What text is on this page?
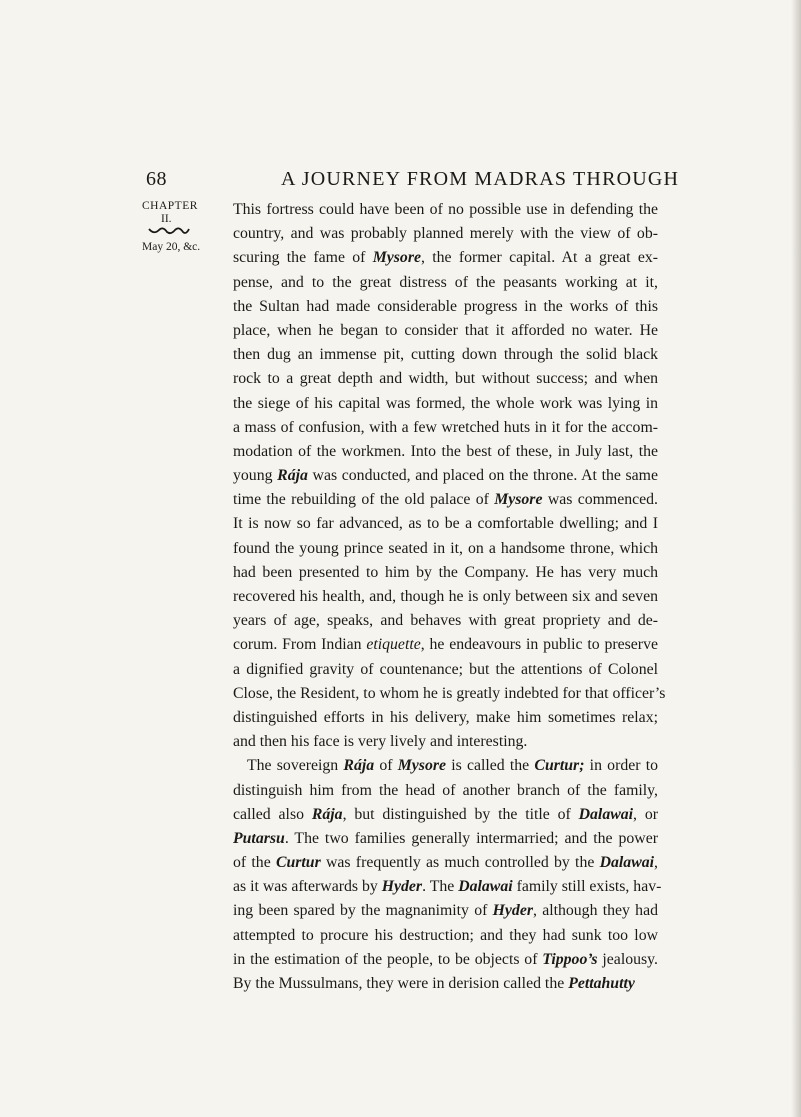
68	A JOURNEY FROM MADRAS THROUGH
CHAPTER
II.
May 20, &c.
This fortress could have been of no possible use in defending the
country, and was probably planned merely with the view of ob-
scuring the fame of Mysore, the former capital. At a great ex-
pense, and to the great distress of the peasants working at it,
the Sultan had made considerable progress in the works of this
place, when he began to consider that it afforded no water. He
then dug an immense pit, cutting down through the solid black
rock to a great depth and width, but without success; and when
the siege of his capital was formed, the whole work was lying in
a mass of confusion, with a few wretched huts in it for the accom-
modation of the workmen. Into the best of these, in July last, the
young Rája was conducted, and placed on the throne. At the same
time the rebuilding of the old palace of Mysore was commenced.
It is now so far advanced, as to be a comfortable dwelling; and I
found the young prince seated in it, on a handsome throne, which
had been presented to him by the Company. He has very much
recovered his health, and, though he is only between six and seven
years of age, speaks, and behaves with great propriety and de-
corum. From Indian etiquette, he endeavours in public to preserve
a dignified gravity of countenance; but the attentions of Colonel
Close, the Resident, to whom he is greatly indebted for that officer’s
distinguished efforts in his delivery, make him sometimes relax;
and then his face is very lively and interesting.
The sovereign Rája of Mysore is called the Curtur; in order to
distinguish him from the head of another branch of the family,
called also Rája, but distinguished by the title of Dalawai, or
Putarsu. The two families generally intermarried; and the power
of the Curtur was frequently as much controlled by the Dalawai,
as it was afterwards by Hyder. The Dalawai family still exists, hav-
ing been spared by the magnanimity of Hyder, although they had
attempted to procure his destruction; and they had sunk too low
in the estimation of the people, to be objects of Tippoo’s jealousy.
By the Mussulmans, they were in derision called the Pettahutty
